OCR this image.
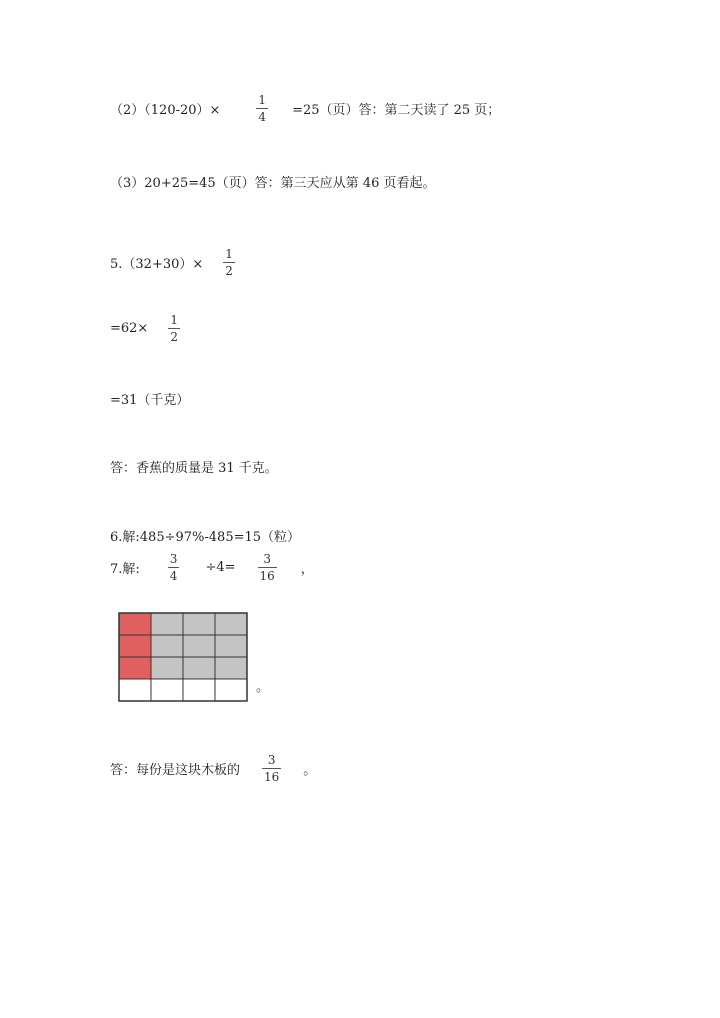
（2）（120-20）×	$\frac{1}{4} =25$（页）答：第二天读了 25 页；
（3）20+25=45（页）答：第三天应从第 46 页看起。
$5.(32+30)\times \frac{1}{2}$
$=62\times \frac{1}{2}$
=31（千克）
答：香蕉的质量是 31 千克。
6.解:485÷97%-485=15（粒）
7.解: $\frac{3}{4} \div 4= \frac{3}{16}$ ，
。
答：每份是这块木板的 $\frac{3}{16}$ 。
